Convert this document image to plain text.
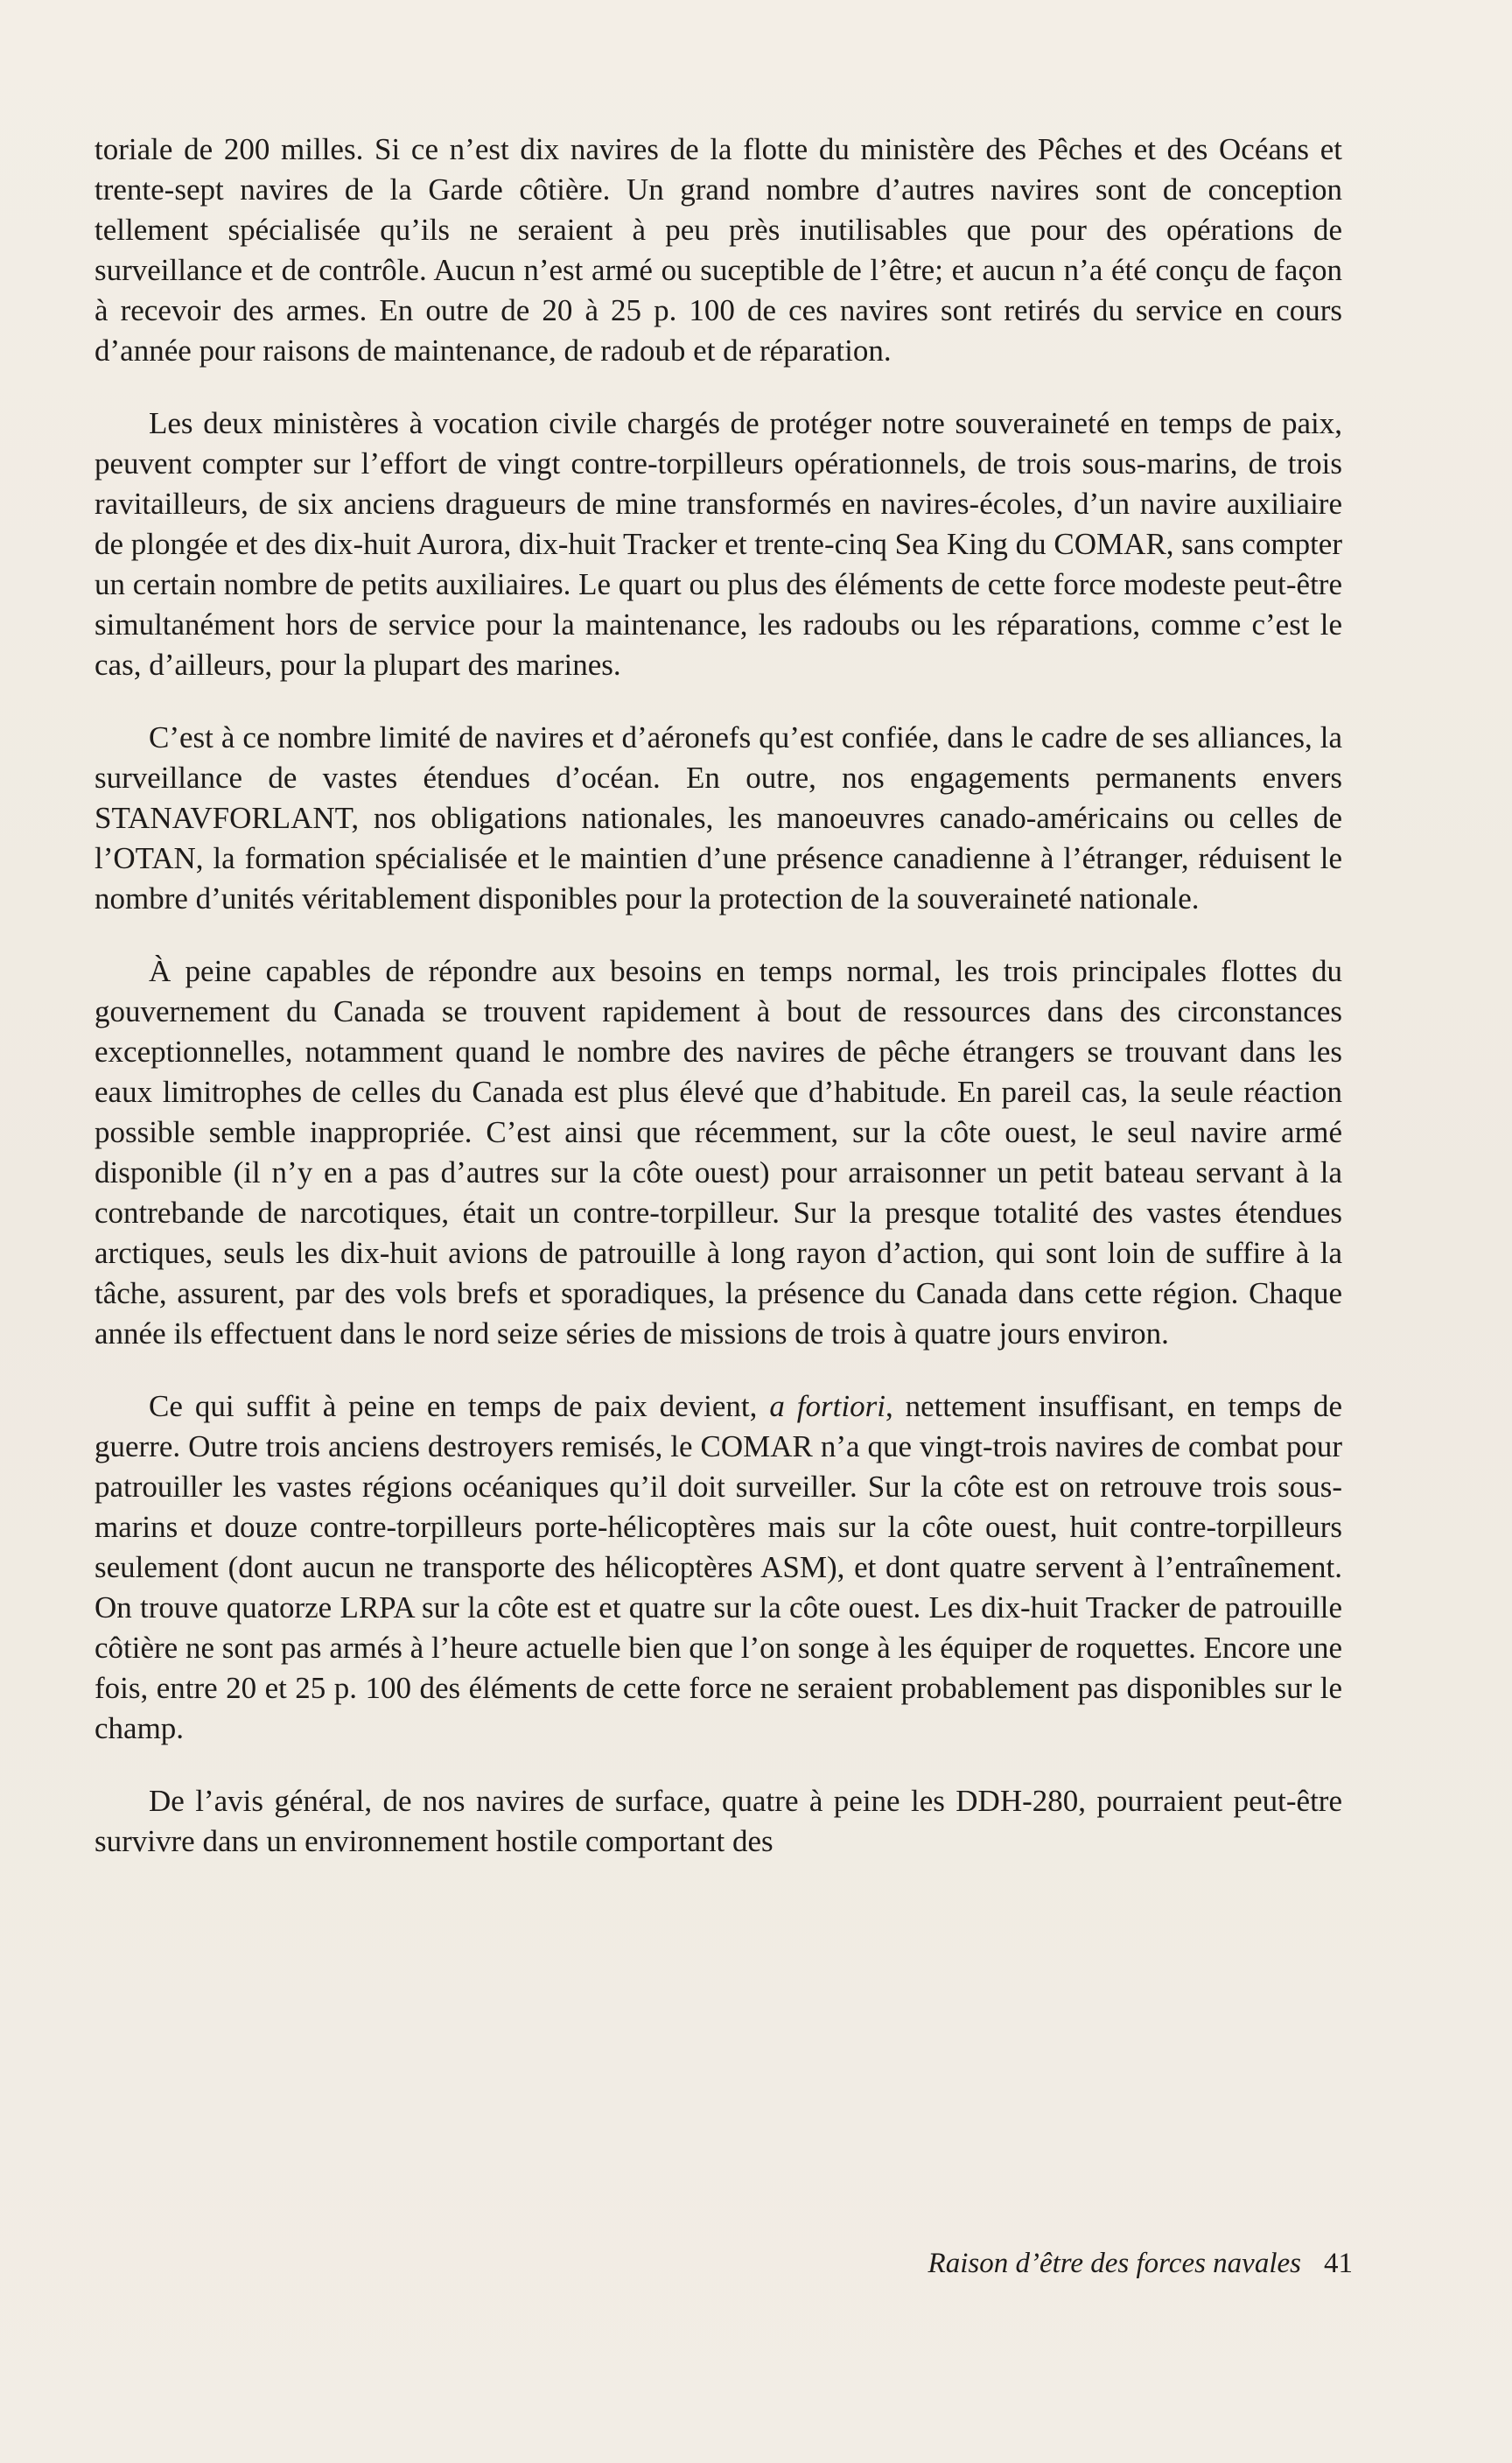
toriale de 200 milles. Si ce n’est dix navires de la flotte du ministère des Pêches et des Océans et trente-sept navires de la Garde côtière. Un grand nombre d’autres navires sont de conception tellement spécialisée qu’ils ne seraient à peu près inutilisables que pour des opérations de surveillance et de contrôle. Aucun n’est armé ou suceptible de l’être; et aucun n’a été conçu de façon à recevoir des armes. En outre de 20 à 25 p. 100 de ces navires sont retirés du service en cours d’année pour raisons de maintenance, de radoub et de réparation.

Les deux ministères à vocation civile chargés de protéger notre souveraineté en temps de paix, peuvent compter sur l’effort de vingt contre-torpilleurs opérationnels, de trois sous-marins, de trois ravitailleurs, de six anciens dragueurs de mine transformés en navires-écoles, d’un navire auxiliaire de plongée et des dix-huit Aurora, dix-huit Tracker et trente-cinq Sea King du COMAR, sans compter un certain nombre de petits auxiliaires. Le quart ou plus des éléments de cette force modeste peut-être simultanément hors de service pour la maintenance, les radoubs ou les réparations, comme c’est le cas, d’ailleurs, pour la plupart des marines.

C’est à ce nombre limité de navires et d’aéronefs qu’est confiée, dans le cadre de ses alliances, la surveillance de vastes étendues d’océan. En outre, nos engagements permanents envers STANAVFORLANT, nos obligations nationales, les manoeuvres canado-américains ou celles de l’OTAN, la formation spécialisée et le maintien d’une présence canadienne à l’étranger, réduisent le nombre d’unités véritablement disponibles pour la protection de la souveraineté nationale.

À peine capables de répondre aux besoins en temps normal, les trois principales flottes du gouvernement du Canada se trouvent rapidement à bout de ressources dans des circonstances exceptionnelles, notamment quand le nombre des navires de pêche étrangers se trouvant dans les eaux limitrophes de celles du Canada est plus élevé que d’habitude. En pareil cas, la seule réaction possible semble inappropriée. C’est ainsi que récemment, sur la côte ouest, le seul navire armé disponible (il n’y en a pas d’autres sur la côte ouest) pour arraisonner un petit bateau servant à la contrebande de narcotiques, était un contre-torpilleur. Sur la presque totalité des vastes étendues arctiques, seuls les dix-huit avions de patrouille à long rayon d’action, qui sont loin de suffire à la tâche, assurent, par des vols brefs et sporadiques, la présence du Canada dans cette région. Chaque année ils effectuent dans le nord seize séries de missions de trois à quatre jours environ.

Ce qui suffit à peine en temps de paix devient, a fortiori, nettement insuffisant, en temps de guerre. Outre trois anciens destroyers remisés, le COMAR n’a que vingt-trois navires de combat pour patrouiller les vastes régions océaniques qu’il doit surveiller. Sur la côte est on retrouve trois sous-marins et douze contre-torpilleurs porte-hélicoptères mais sur la côte ouest, huit contre-torpilleurs seulement (dont aucun ne transporte des hélicoptères ASM), et dont quatre servent à l’entraînement. On trouve quatorze LRPA sur la côte est et quatre sur la côte ouest. Les dix-huit Tracker de patrouille côtière ne sont pas armés à l’heure actuelle bien que l’on songe à les équiper de roquettes. Encore une fois, entre 20 et 25 p. 100 des éléments de cette force ne seraient probablement pas disponibles sur le champ.

De l’avis général, de nos navires de surface, quatre à peine les DDH-280, pourraient peut-être survivre dans un environnement hostile comportant des

Raison d’être des forces navales 41
